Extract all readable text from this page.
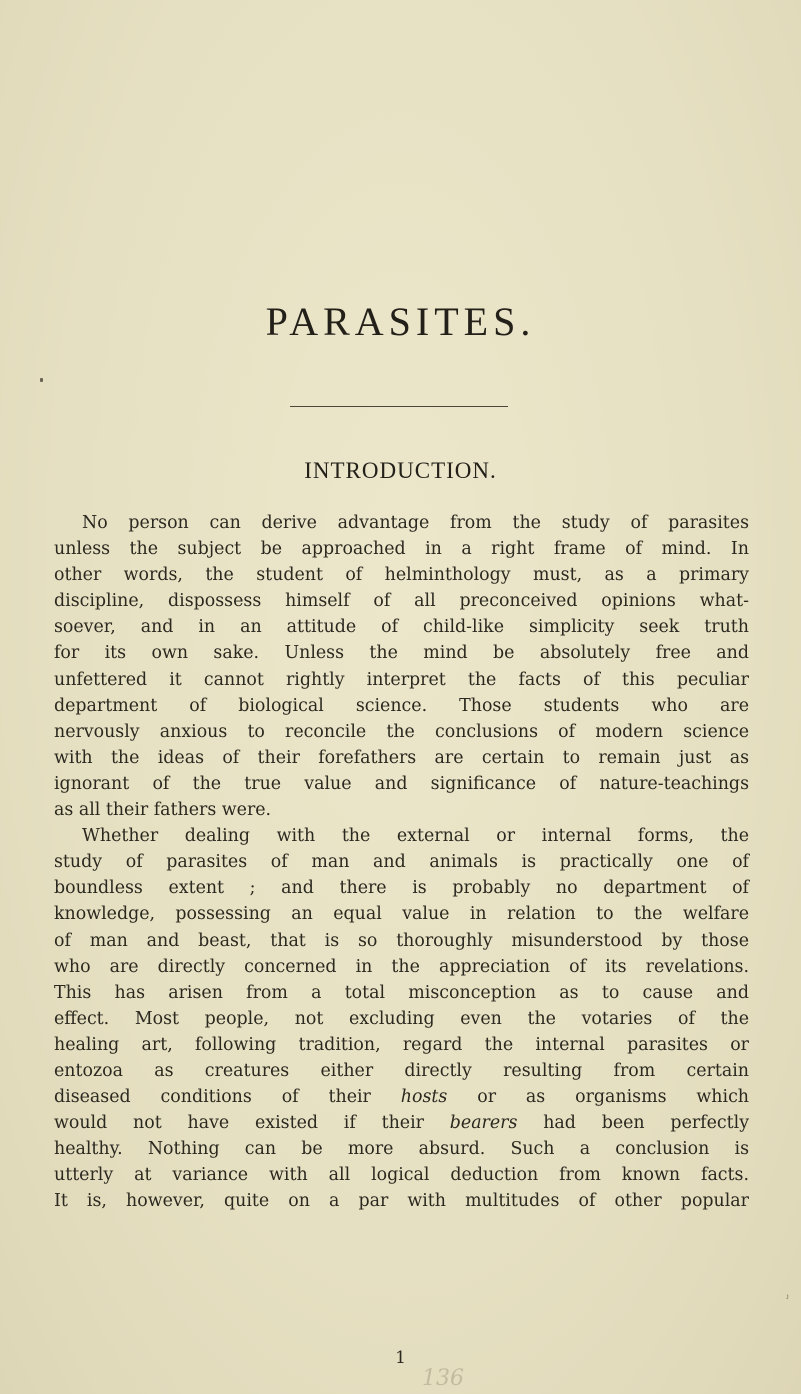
PARASITES.
INTRODUCTION.
No person can derive advantage from the study of parasites
unless the subject be approached in a right frame of mind. In
other words, the student of helminthology must, as a primary
discipline, dispossess himself of all preconceived opinions what-
soever, and in an attitude of child-like simplicity seek truth
for its own sake. Unless the mind be absolutely free and
unfettered it cannot rightly interpret the facts of this peculiar
department of biological science. Those students who are
nervously anxious to reconcile the conclusions of modern science
with the ideas of their forefathers are certain to remain just as
ignorant of the true value and significance of nature-teachings
as all their fathers were.
Whether dealing with the external or internal forms, the
study of parasites of man and animals is practically one of
boundless extent ; and there is probably no department of
knowledge, possessing an equal value in relation to the welfare
of man and beast, that is so thoroughly misunderstood by those
who are directly concerned in the appreciation of its revelations.
This has arisen from a total misconception as to cause and
effect. Most people, not excluding even the votaries of the
healing art, following tradition, regard the internal parasites or
entozoa as creatures either directly resulting from certain
diseased conditions of their hosts or as organisms which
would not have existed if their bearers had been perfectly
healthy. Nothing can be more absurd. Such a conclusion is
utterly at variance with all logical deduction from known facts.
It is, however, quite on a par with multitudes of other popular
ⱼ
1
136
